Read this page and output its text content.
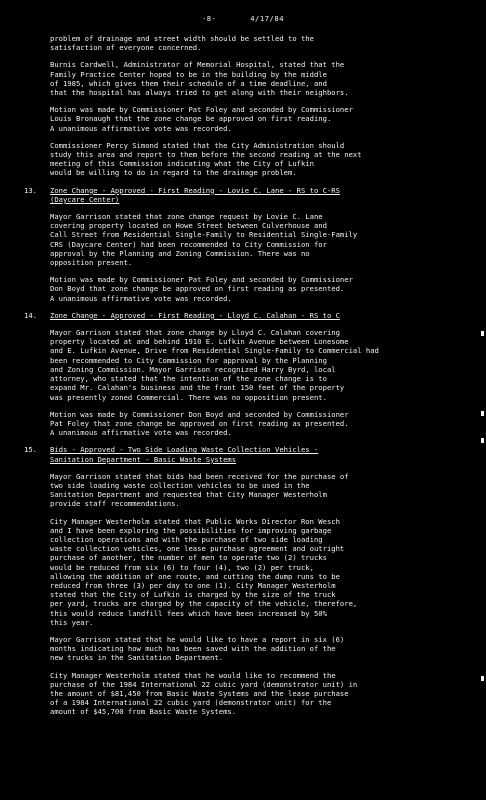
-8-	4/17/84
problem of drainage and street width should be settled to the
satisfaction of everyone concerned.
Burnis Cardwell, Administrator of Memorial Hospital, stated that the
Family Practice Center hoped to be in the building by the middle
of 1985, which gives them their schedule of a time deadline, and
that the hospital has always tried to get along with their neighbors.
Motion was made by Commissioner Pat Foley and seconded by Commissioner
Louis Bronaugh that the zone change be approved on first reading.
A unanimous affirmative vote was recorded.
Commissioner Percy Simond stated that the City Administration should
study this area and report to them before the second reading at the next
meeting of this Commission indicating what the City of Lufkin
would be willing to do in regard to the drainage problem.
13. Zone Change - Approved - First Reading - Lovie C. Lane - RS to C-RS
(Daycare Center)
Mayor Garrison stated that zone change request by Lovie C. Lane
covering property located on Howe Street between Culverhouse and
Call Street from Residential Single-Family to Residential Single-Family
CRS (Daycare Center) had been recommended to City Commission for
approval by the Planning and Zoning Commission. There was no
opposition present.
Motion was made by Commissioner Pat Foley and seconded by Commissioner
Don Boyd that zone change be approved on first reading as presented.
A unanimous affirmative vote was recorded.
14. Zone Change - Approved - First Reading - Lloyd C. Calahan - RS to C
Mayor Garrison stated that zone change by Lloyd C. Calahan covering
property located at and behind 1910 E. Lufkin Avenue between Lonesome
and E. Lufkin Avenue, Drive from Residential Single-Family to Commercial had
been recommended to City Commission for approval by the Planning
and Zoning Commission. Mayor Garrison recognized Harry Byrd, local
attorney, who stated that the intention of the zone change is to
expand Mr. Calahan's business and the front 150 feet of the property
was presently zoned Commercial. There was no opposition present.
Motion was made by Commissioner Don Boyd and seconded by Commissioner
Pat Foley that zone change be approved on first reading as presented.
A unanimous affirmative vote was recorded.
15. Bids - Approved - Two Side Loading Waste Collection Vehicles -
Sanitation Department - Basic Waste Systems
Mayor Garrison stated that bids had been received for the purchase of
two side loading waste collection vehicles to be used in the
Sanitation Department and requested that City Manager Westerholm
provide staff recommendations.
City Manager Westerholm stated that Public Works Director Ron Wesch
and I have been exploring the possibilities for improving garbage
collection operations and with the purchase of two side loading
waste collection vehicles, one lease purchase agreement and outright
purchase of another, the number of men to operate two (2) trucks
would be reduced from six (6) to four (4), two (2) per truck,
allowing the addition of one route, and cutting the dump runs to be
reduced from three (3) per day to one (1). City Manager Westerholm
stated that the City of Lufkin is charged by the size of the truck
per yard, trucks are charged by the capacity of the vehicle, therefore,
this would reduce landfill fees which have been increased by 50%
this year.
Mayor Garrison stated that he would like to have a report in six (6)
months indicating how much has been saved with the addition of the
new trucks in the Sanitation Department.
City Manager Westerholm stated that he would like to recommend the
purchase of the 1984 International 22 cubic yard (demonstrator unit) in
the amount of $81,450 from Basic Waste Systems and the lease purchase
of a 1984 International 22 cubic yard (demonstrator unit) for the
amount of $45,700 from Basic Waste Systems.
